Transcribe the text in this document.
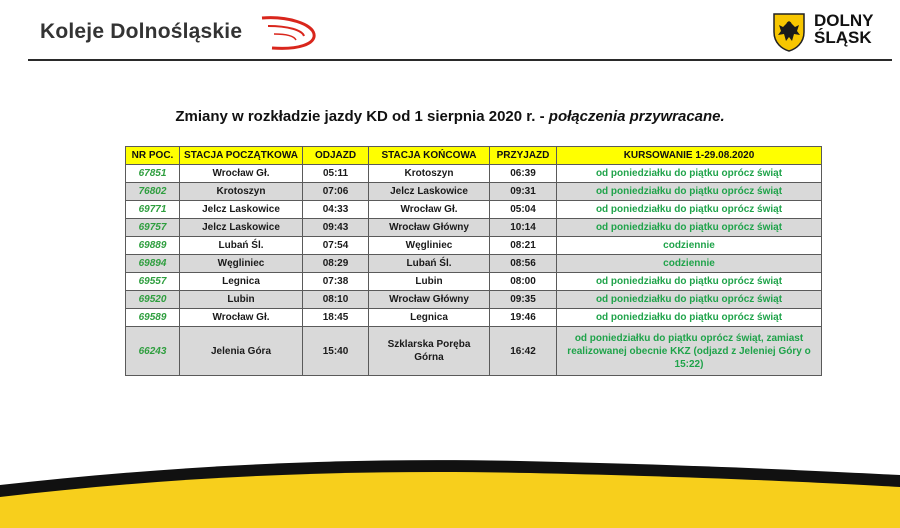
Koleje Dolnośląskie	DOLNY
ŚLĄSK
Zmiany w rozkładzie jazdy KD od 1 sierpnia 2020 r. - połączenia przywracane.
NR POC.	STACJA POCZĄTKOWA	ODJAZD	STACJA KOŃCOWA	PRZYJAZD	KURSOWANIE 1-29.08.2020
67851	Wrocław Gł.	05:11	Krotoszyn	06:39	od poniedziałku do piątku oprócz świąt
76802	Krotoszyn	07:06	Jelcz Laskowice	09:31	od poniedziałku do piątku oprócz świąt
69771	Jelcz Laskowice	04:33	Wrocław Gł.	05:04	od poniedziałku do piątku oprócz świąt
69757	Jelcz Laskowice	09:43	Wrocław Główny	10:14	od poniedziałku do piątku oprócz świąt
69889	Lubań Śl.	07:54	Węgliniec	08:21	codziennie
69894	Węgliniec	08:29	Lubań Śl.	08:56	codziennie
69557	Legnica	07:38	Lubin	08:00	od poniedziałku do piątku oprócz świąt
69520	Lubin	08:10	Wrocław Główny	09:35	od poniedziałku do piątku oprócz świąt
69589	Wrocław Gł.	18:45	Legnica	19:46	od poniedziałku do piątku oprócz świąt
66243	Jelenia Góra	15:40	Szklarska Poręba Górna	16:42	od poniedziałku do piątku oprócz świąt, zamiast realizowanej obecnie KKZ (odjazd z Jeleniej Góry o 15:22)
